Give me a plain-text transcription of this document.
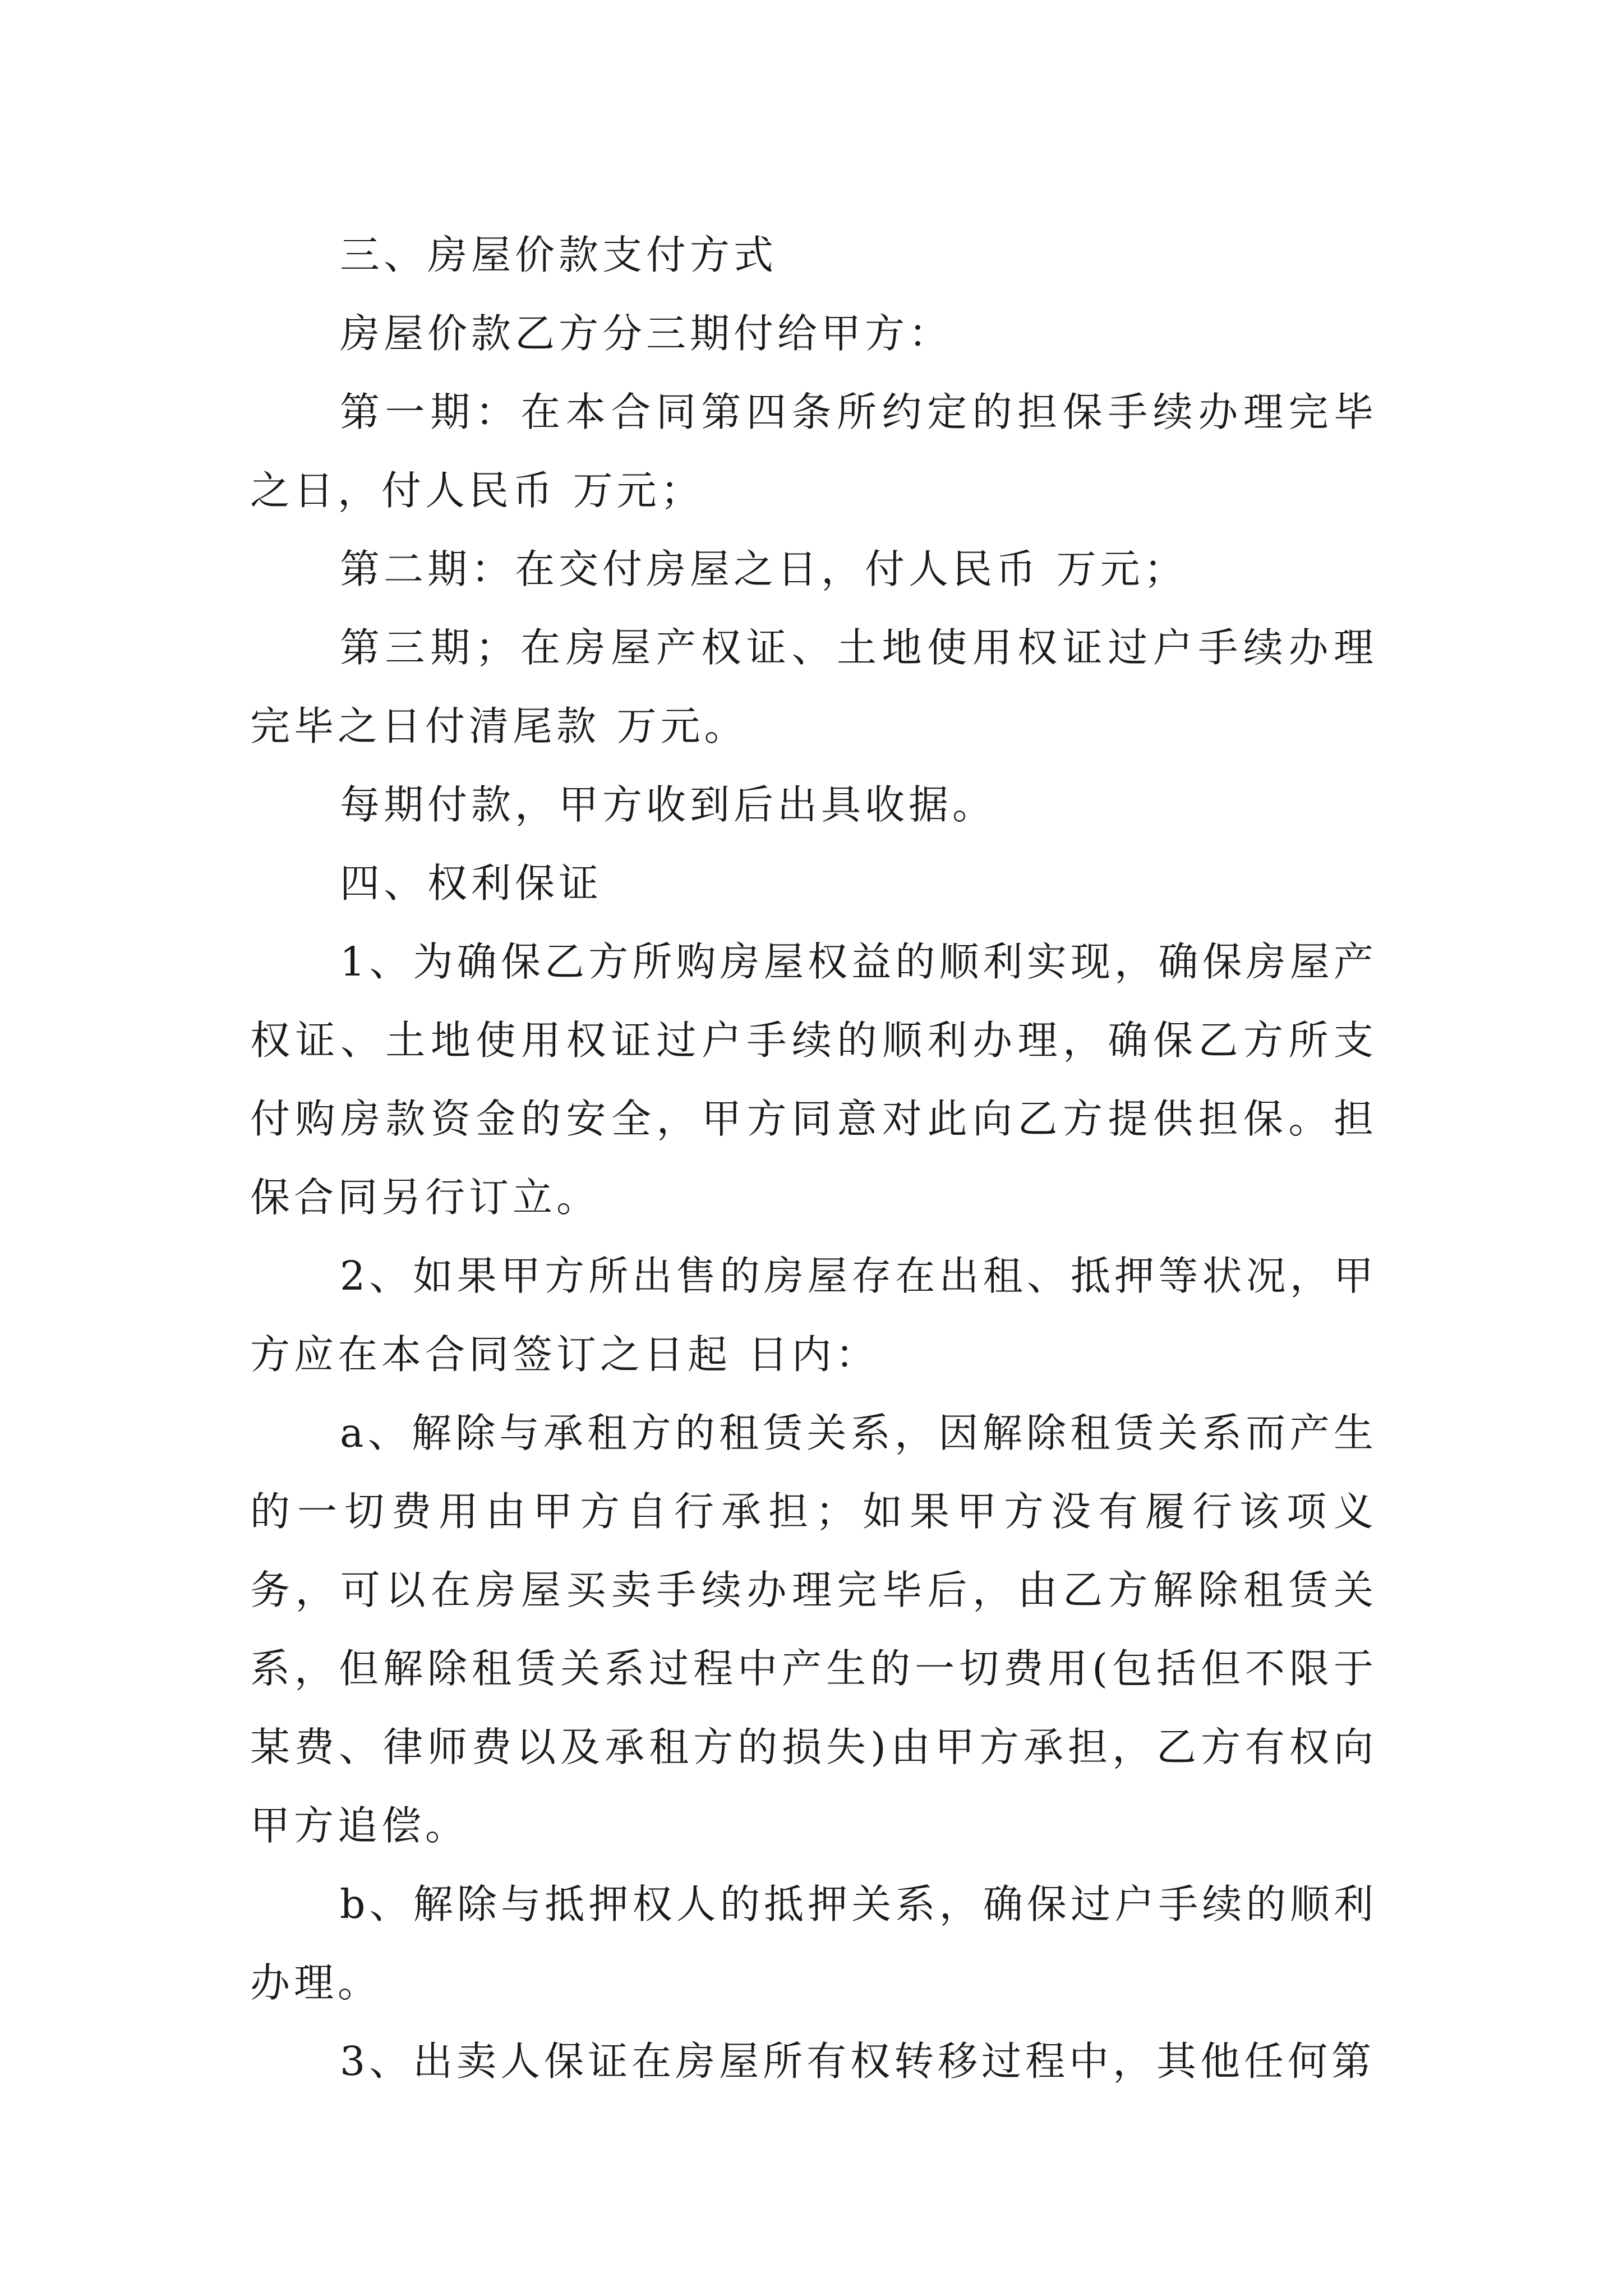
三、房屋价款支付方式

房屋价款乙方分三期付给甲方：

第一期：在本合同第四条所约定的担保手续办理完毕之日，付人民币 万元；

第二期：在交付房屋之日，付人民币 万元；

第三期；在房屋产权证、土地使用权证过户手续办理完毕之日付清尾款 万元。

每期付款，甲方收到后出具收据。

四、权利保证

1、为确保乙方所购房屋权益的顺利实现，确保房屋产权证、土地使用权证过户手续的顺利办理，确保乙方所支付购房款资金的安全，甲方同意对此向乙方提供担保。担保合同另行订立。

2、如果甲方所出售的房屋存在出租、抵押等状况，甲方应在本合同签订之日起 日内：

a、解除与承租方的租赁关系，因解除租赁关系而产生的一切费用由甲方自行承担；如果甲方没有履行该项义务，可以在房屋买卖手续办理完毕后，由乙方解除租赁关系，但解除租赁关系过程中产生的一切费用(包括但不限于某费、律师费以及承租方的损失)由甲方承担，乙方有权向甲方追偿。

b、解除与抵押权人的抵押关系，确保过户手续的顺利办理。

3、出卖人保证在房屋所有权转移过程中，其他任何第
